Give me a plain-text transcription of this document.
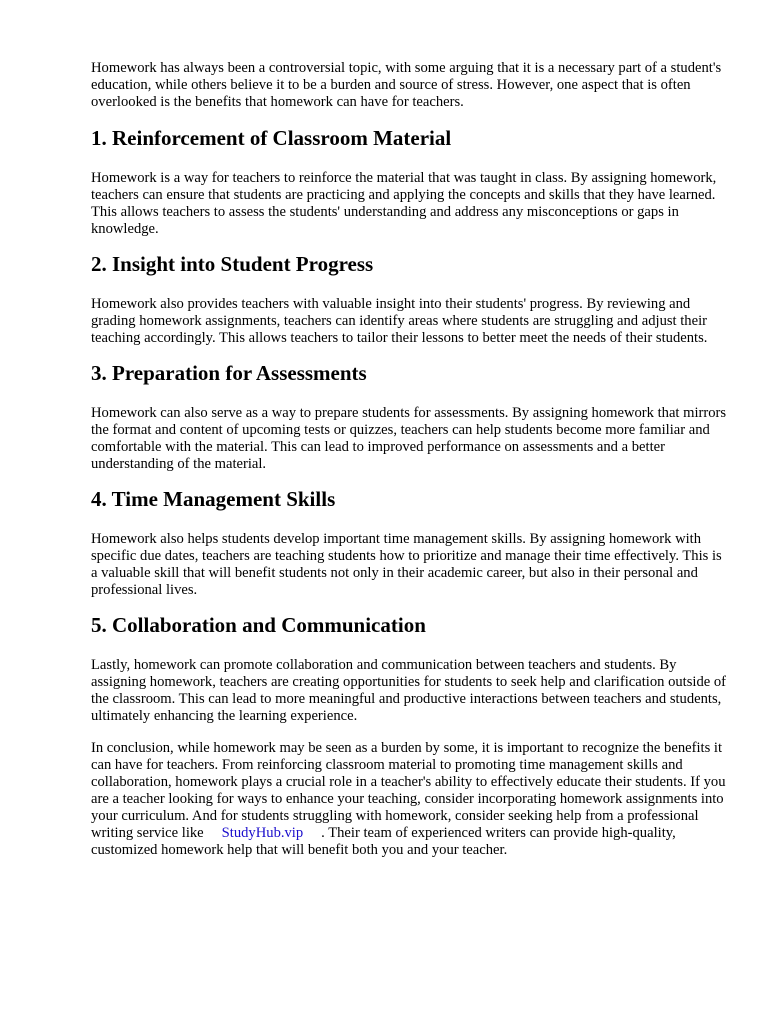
Homework has always been a controversial topic, with some arguing that it is a necessary part of a student's education, while others believe it to be a burden and source of stress. However, one aspect that is often overlooked is the benefits that homework can have for teachers.

1. Reinforcement of Classroom Material

Homework is a way for teachers to reinforce the material that was taught in class. By assigning homework, teachers can ensure that students are practicing and applying the concepts and skills that they have learned. This allows teachers to assess the students' understanding and address any misconceptions or gaps in knowledge.

2. Insight into Student Progress

Homework also provides teachers with valuable insight into their students' progress. By reviewing and grading homework assignments, teachers can identify areas where students are struggling and adjust their teaching accordingly. This allows teachers to tailor their lessons to better meet the needs of their students.

3. Preparation for Assessments

Homework can also serve as a way to prepare students for assessments. By assigning homework that mirrors the format and content of upcoming tests or quizzes, teachers can help students become more familiar and comfortable with the material. This can lead to improved performance on assessments and a better understanding of the material.

4. Time Management Skills

Homework also helps students develop important time management skills. By assigning homework with specific due dates, teachers are teaching students how to prioritize and manage their time effectively. This is a valuable skill that will benefit students not only in their academic career, but also in their personal and professional lives.

5. Collaboration and Communication

Lastly, homework can promote collaboration and communication between teachers and students. By assigning homework, teachers are creating opportunities for students to seek help and clarification outside of the classroom. This can lead to more meaningful and productive interactions between teachers and students, ultimately enhancing the learning experience.

In conclusion, while homework may be seen as a burden by some, it is important to recognize the benefits it can have for teachers. From reinforcing classroom material to promoting time management skills and collaboration, homework plays a crucial role in a teacher's ability to effectively educate their students. If you are a teacher looking for ways to enhance your teaching, consider incorporating homework assignments into your curriculum. And for students struggling with homework, consider seeking help from a professional writing service like StudyHub.vip . Their team of experienced writers can provide high-quality, customized homework help that will benefit both you and your teacher.
